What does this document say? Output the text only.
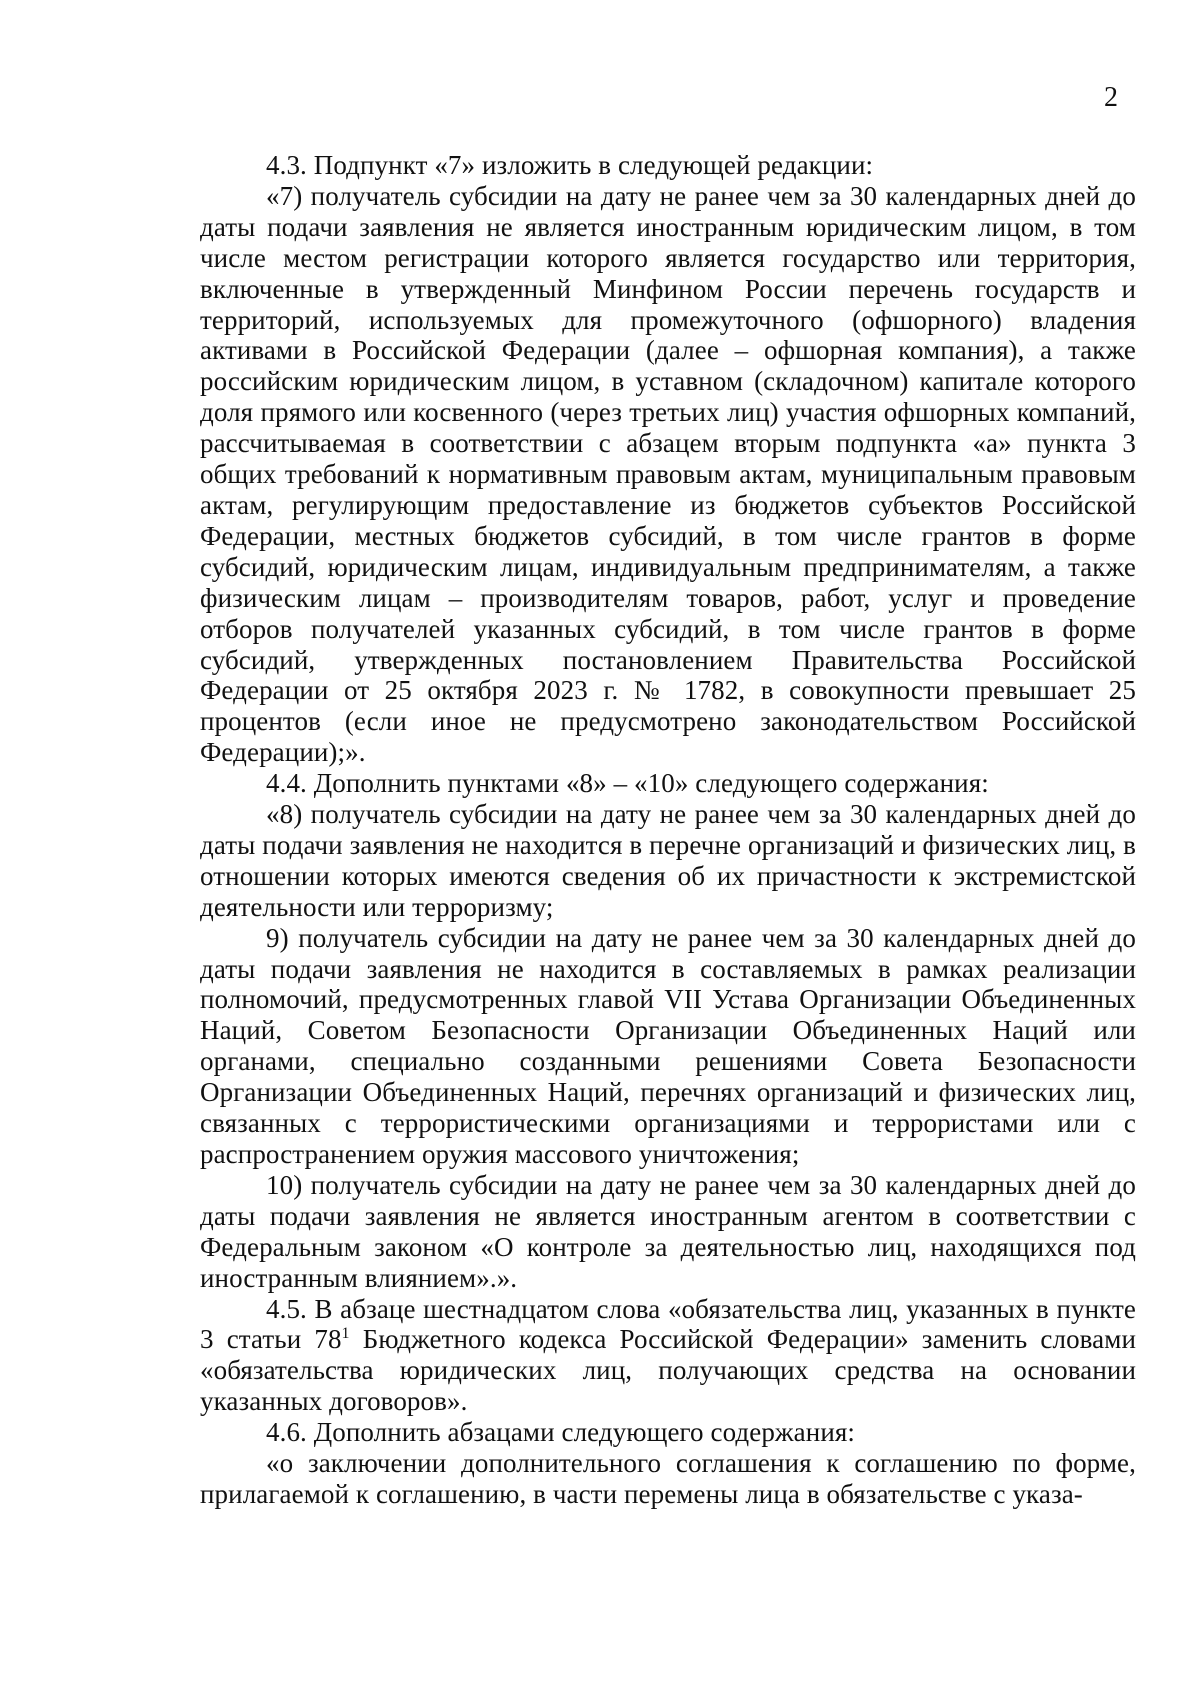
2

4.3. Подпункт «7» изложить в следующей редакции:

«7) получатель субсидии на дату не ранее чем за 30 календарных дней до даты подачи заявления не является иностранным юридическим лицом, в том числе местом регистрации которого является государство или территория, включенные в утвержденный Минфином России перечень государств и территорий, используемых для промежуточного (офшорного) владения активами в Российской Федерации (далее – офшорная компания), а также российским юридическим лицом, в уставном (складочном) капитале которого доля прямого или косвенного (через третьих лиц) участия офшорных компаний, рассчитываемая в соответствии с абзацем вторым подпункта «а» пункта 3 общих требований к нормативным правовым актам, муниципальным правовым актам, регулирующим предоставление из бюджетов субъектов Российской Федерации, местных бюджетов субсидий, в том числе грантов в форме субсидий, юридическим лицам, индивидуальным предпринимателям, а также физическим лицам – производителям товаров, работ, услуг и проведение отборов получателей указанных субсидий, в том числе грантов в форме субсидий, утвержденных постановлением Правительства Российской Федерации от 25 октября 2023 г. № 1782, в совокупности превышает 25 процентов (если иное не предусмотрено законодательством Российской Федерации);».

4.4. Дополнить пунктами «8» – «10» следующего содержания:

«8) получатель субсидии на дату не ранее чем за 30 календарных дней до даты подачи заявления не находится в перечне организаций и физических лиц, в отношении которых имеются сведения об их причастности к экстремистской деятельности или терроризму;

9) получатель субсидии на дату не ранее чем за 30 календарных дней до даты подачи заявления не находится в составляемых в рамках реализации полномочий, предусмотренных главой VII Устава Организации Объединенных Наций, Советом Безопасности Организации Объединенных Наций или органами, специально созданными решениями Совета Безопасности Организации Объединенных Наций, перечнях организаций и физических лиц, связанных с террористическими организациями и террористами или с распространением оружия массового уничтожения;

10) получатель субсидии на дату не ранее чем за 30 календарных дней до даты подачи заявления не является иностранным агентом в соответствии с Федеральным законом «О контроле за деятельностью лиц, находящихся под иностранным влиянием».».

4.5. В абзаце шестнадцатом слова «обязательства лиц, указанных в пункте 3 статьи $78^1$ Бюджетного кодекса Российской Федерации» заменить словами «обязательства юридических лиц, получающих средства на основании указанных договоров».

4.6. Дополнить абзацами следующего содержания:

«о заключении дополнительного соглашения к соглашению по форме, прилагаемой к соглашению, в части перемены лица в обязательстве с указа-
